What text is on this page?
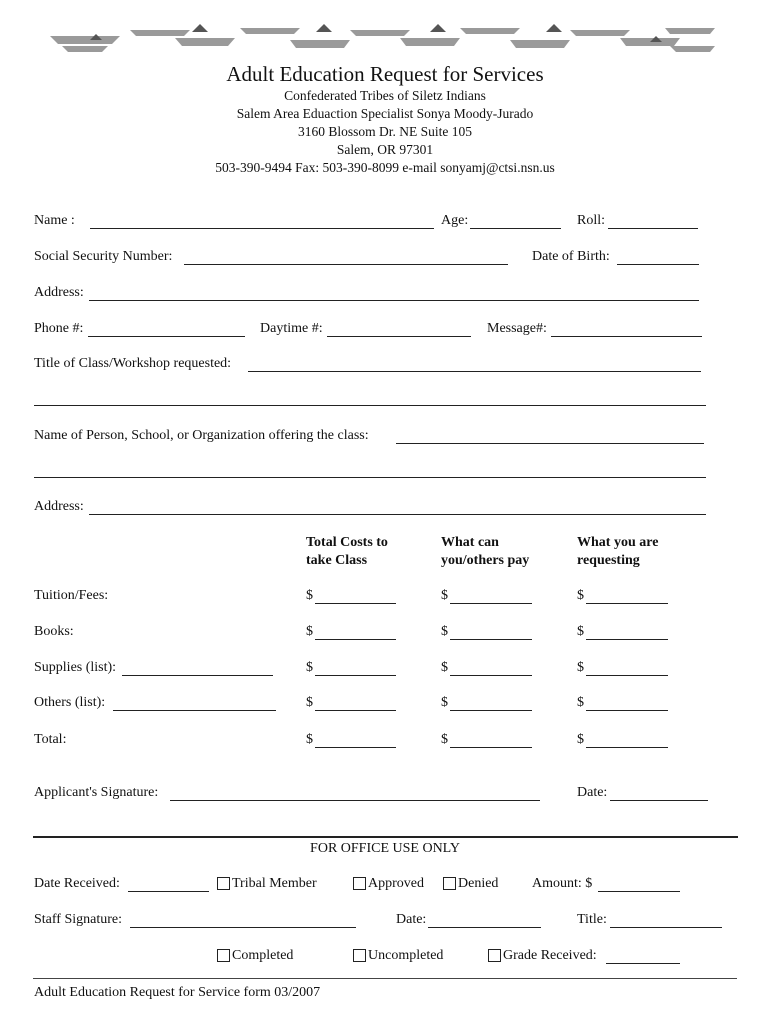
Adult Education Request for Services
Confederated Tribes of Siletz Indians
Salem Area Eduaction Specialist Sonya Moody-Jurado
3160 Blossom Dr. NE Suite 105
Salem, OR 97301
503-390-9494 Fax: 503-390-8099 e-mail sonyamj@ctsi.nsn.us
Name :	Age:	Roll:
Social Security Number:	Date of Birth:
Address:
Phone #:	Daytime #:	Message#:
Title of Class/Workshop requested:
Name of Person, School, or Organization offering the class:
Address:
Total Costs to take Class
What can you/others pay
What you are requesting
Tuition/Fees:	$	$	$
Books:	$	$	$
Supplies (list):	$	$	$
Others (list):	$	$	$
Total:	$	$	$
Applicant's Signature:	Date:
FOR OFFICE USE ONLY
Date Received:	Tribal Member	Approved Denied Amount: $
Staff Signature:	Date:	Title:
Completed	Uncompleted	Grade Received:
Adult Education Request for Service form 03/2007
